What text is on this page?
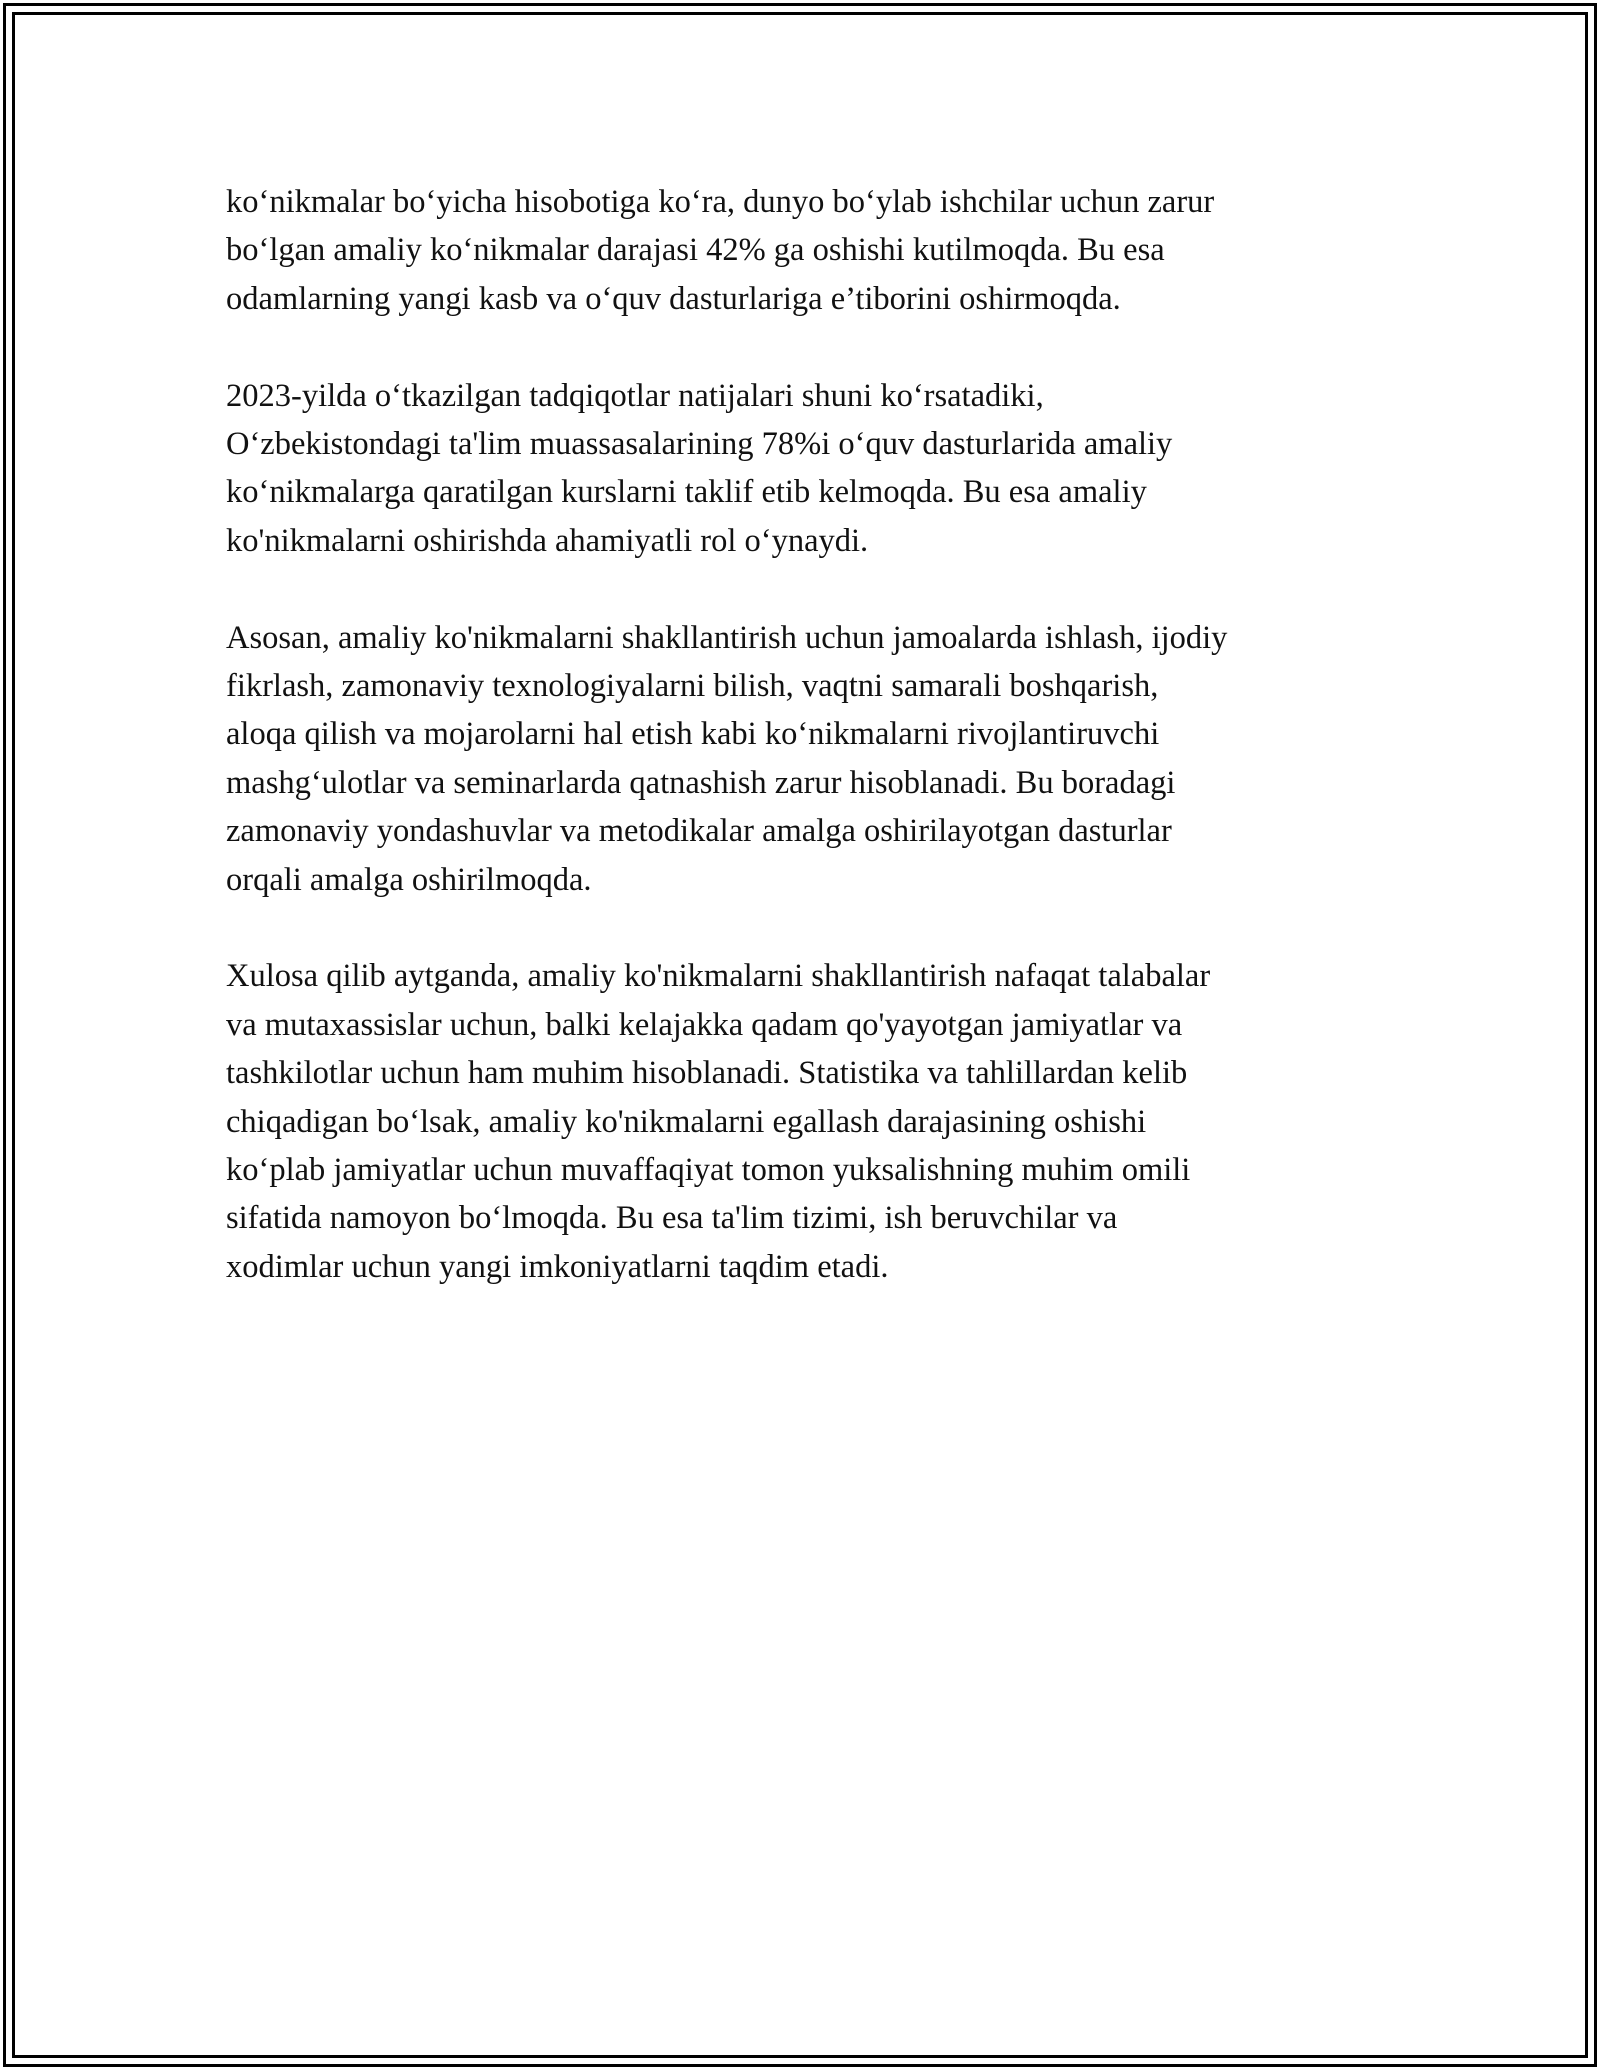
ko‘nikmalar bo‘yicha hisobotiga ko‘ra, dunyo bo‘ylab ishchilar uchun zarur
bo‘lgan amaliy ko‘nikmalar darajasi 42% ga oshishi kutilmoqda. Bu esa
odamlarning yangi kasb va o‘quv dasturlariga e’tiborini oshirmoqda.

2023-yilda o‘tkazilgan tadqiqotlar natijalari shuni ko‘rsatadiki,
O‘zbekistondagi ta'lim muassasalarining 78%i o‘quv dasturlarida amaliy
ko‘nikmalarga qaratilgan kurslarni taklif etib kelmoqda. Bu esa amaliy
ko'nikmalarni oshirishda ahamiyatli rol o‘ynaydi.

Asosan, amaliy ko'nikmalarni shakllantirish uchun jamoalarda ishlash, ijodiy
fikrlash, zamonaviy texnologiyalarni bilish, vaqtni samarali boshqarish,
aloqa qilish va mojarolarni hal etish kabi ko‘nikmalarni rivojlantiruvchi
mashg‘ulotlar va seminarlarda qatnashish zarur hisoblanadi. Bu boradagi
zamonaviy yondashuvlar va metodikalar amalga oshirilayotgan dasturlar
orqali amalga oshirilmoqda.

Xulosa qilib aytganda, amaliy ko'nikmalarni shakllantirish nafaqat talabalar
va mutaxassislar uchun, balki kelajakka qadam qo'yayotgan jamiyatlar va
tashkilotlar uchun ham muhim hisoblanadi. Statistika va tahlillardan kelib
chiqadigan bo‘lsak, amaliy ko'nikmalarni egallash darajasining oshishi
ko‘plab jamiyatlar uchun muvaffaqiyat tomon yuksalishning muhim omili
sifatida namoyon bo‘lmoqda. Bu esa ta'lim tizimi, ish beruvchilar va
xodimlar uchun yangi imkoniyatlarni taqdim etadi.
